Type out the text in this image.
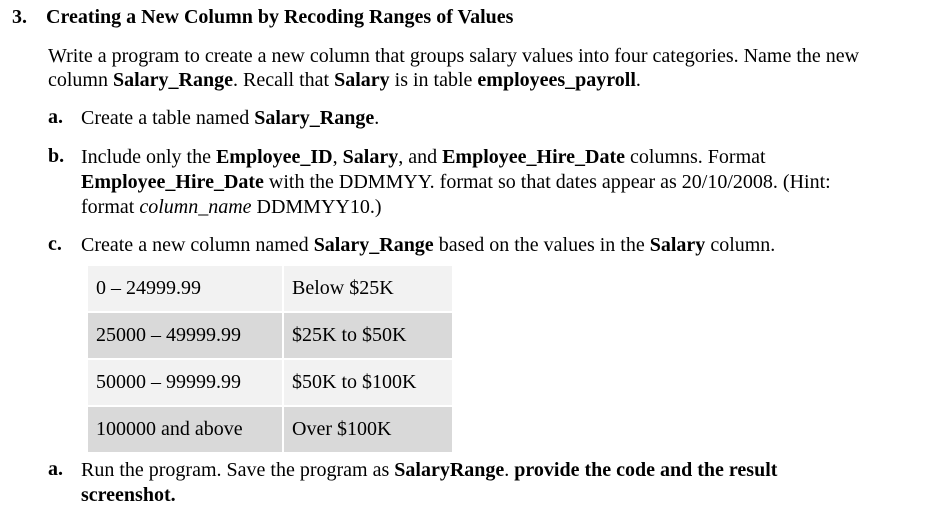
3. Creating a New Column by Recoding Ranges of Values
Write a program to create a new column that groups salary values into four categories. Name the new
column Salary_Range. Recall that Salary is in table employees_payroll.
a. Create a table named Salary_Range.
b. Include only the Employee_ID, Salary, and Employee_Hire_Date columns. Format
Employee_Hire_Date with the DDMMYY. format so that dates appear as 20/10/2008. (Hint:
format column_name DDMMYY10.)
c. Create a new column named Salary_Range based on the values in the Salary column.
0 – 24999.99	Below $25K
25000 – 49999.99	$25K to $50K
50000 – 99999.99	$50K to $100K
100000 and above	Over $100K
a. Run the program. Save the program as SalaryRange. provide the code and the result
screenshot.
